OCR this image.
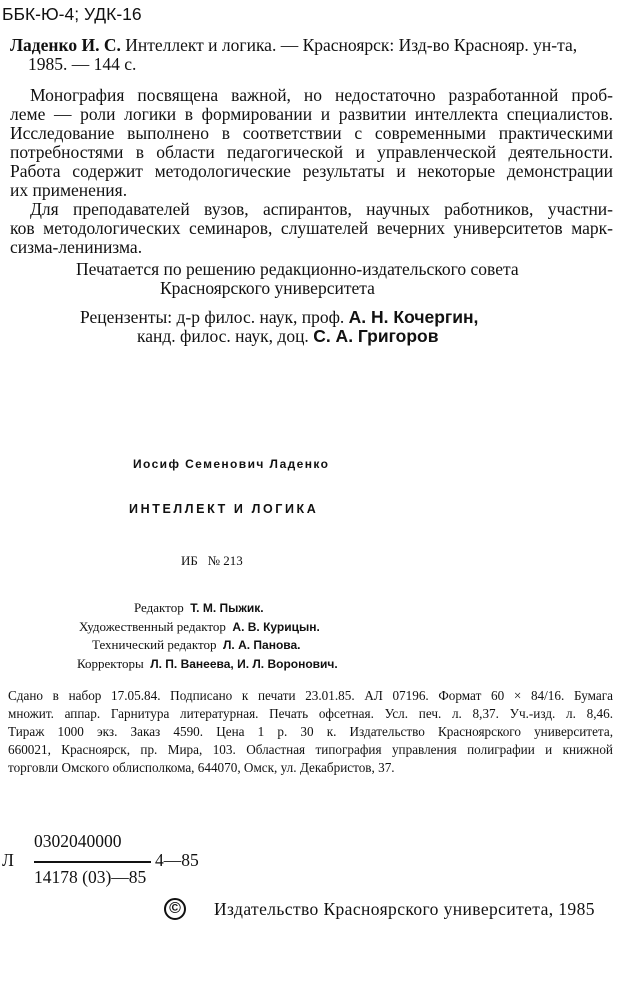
ББК-Ю-4; УДК-16
Ладенко И. С. Интеллект и логика. — Красноярск: Изд-во Краснояр. ун-та,
1985. — 144 с.
Монография посвящена важной, но недостаточно разработанной проб-
леме — роли логики в формировании и развитии интеллекта специалистов.
Исследование выполнено в соответствии с современными практическими
потребностями в области педагогической и управленческой деятельности.
Работа содержит методологические результаты и некоторые демонстрации
их применения.
Для преподавателей вузов, аспирантов, научных работников, участни-
ков методологических семинаров, слушателей вечерних университетов марк-
сизма-ленинизма.
Печатается по решению редакционно-издательского совета
Красноярского университета
Рецензенты: д-р филос. наук, проф. А. Н. Кочергин,
канд. филос. наук, доц. С. А. Григоров
Иосиф Семенович Ладенко
ИНТЕЛЛЕКТ И ЛОГИКА
ИБ № 213
Редактор Т. М. Пыжик.
Художественный редактор А. В. Курицын.
Технический редактор Л. А. Панова.
Корректоры Л. П. Ванеева, И. Л. Воронович.
Сдано в набор 17.05.84. Подписано к печати 23.01.85. АЛ 07196. Формат 60 × 84/16. Бумага
множит. аппар. Гарнитура литературная. Печать офсетная. Усл. печ. л. 8,37. Уч.-изд. л. 8,46.
Тираж 1000 экз. Заказ 4590. Цена 1 р. 30 к. Издательство Красноярского университета,
660021, Красноярск, пр. Мира, 103. Областная типография управления полиграфии и книжной
торговли Омского облисполкома, 644070, Омск, ул. Декабристов, 37.
0302040000
Л	4—85
14178 (03)—85
© Издательство Красноярского университета, 1985
